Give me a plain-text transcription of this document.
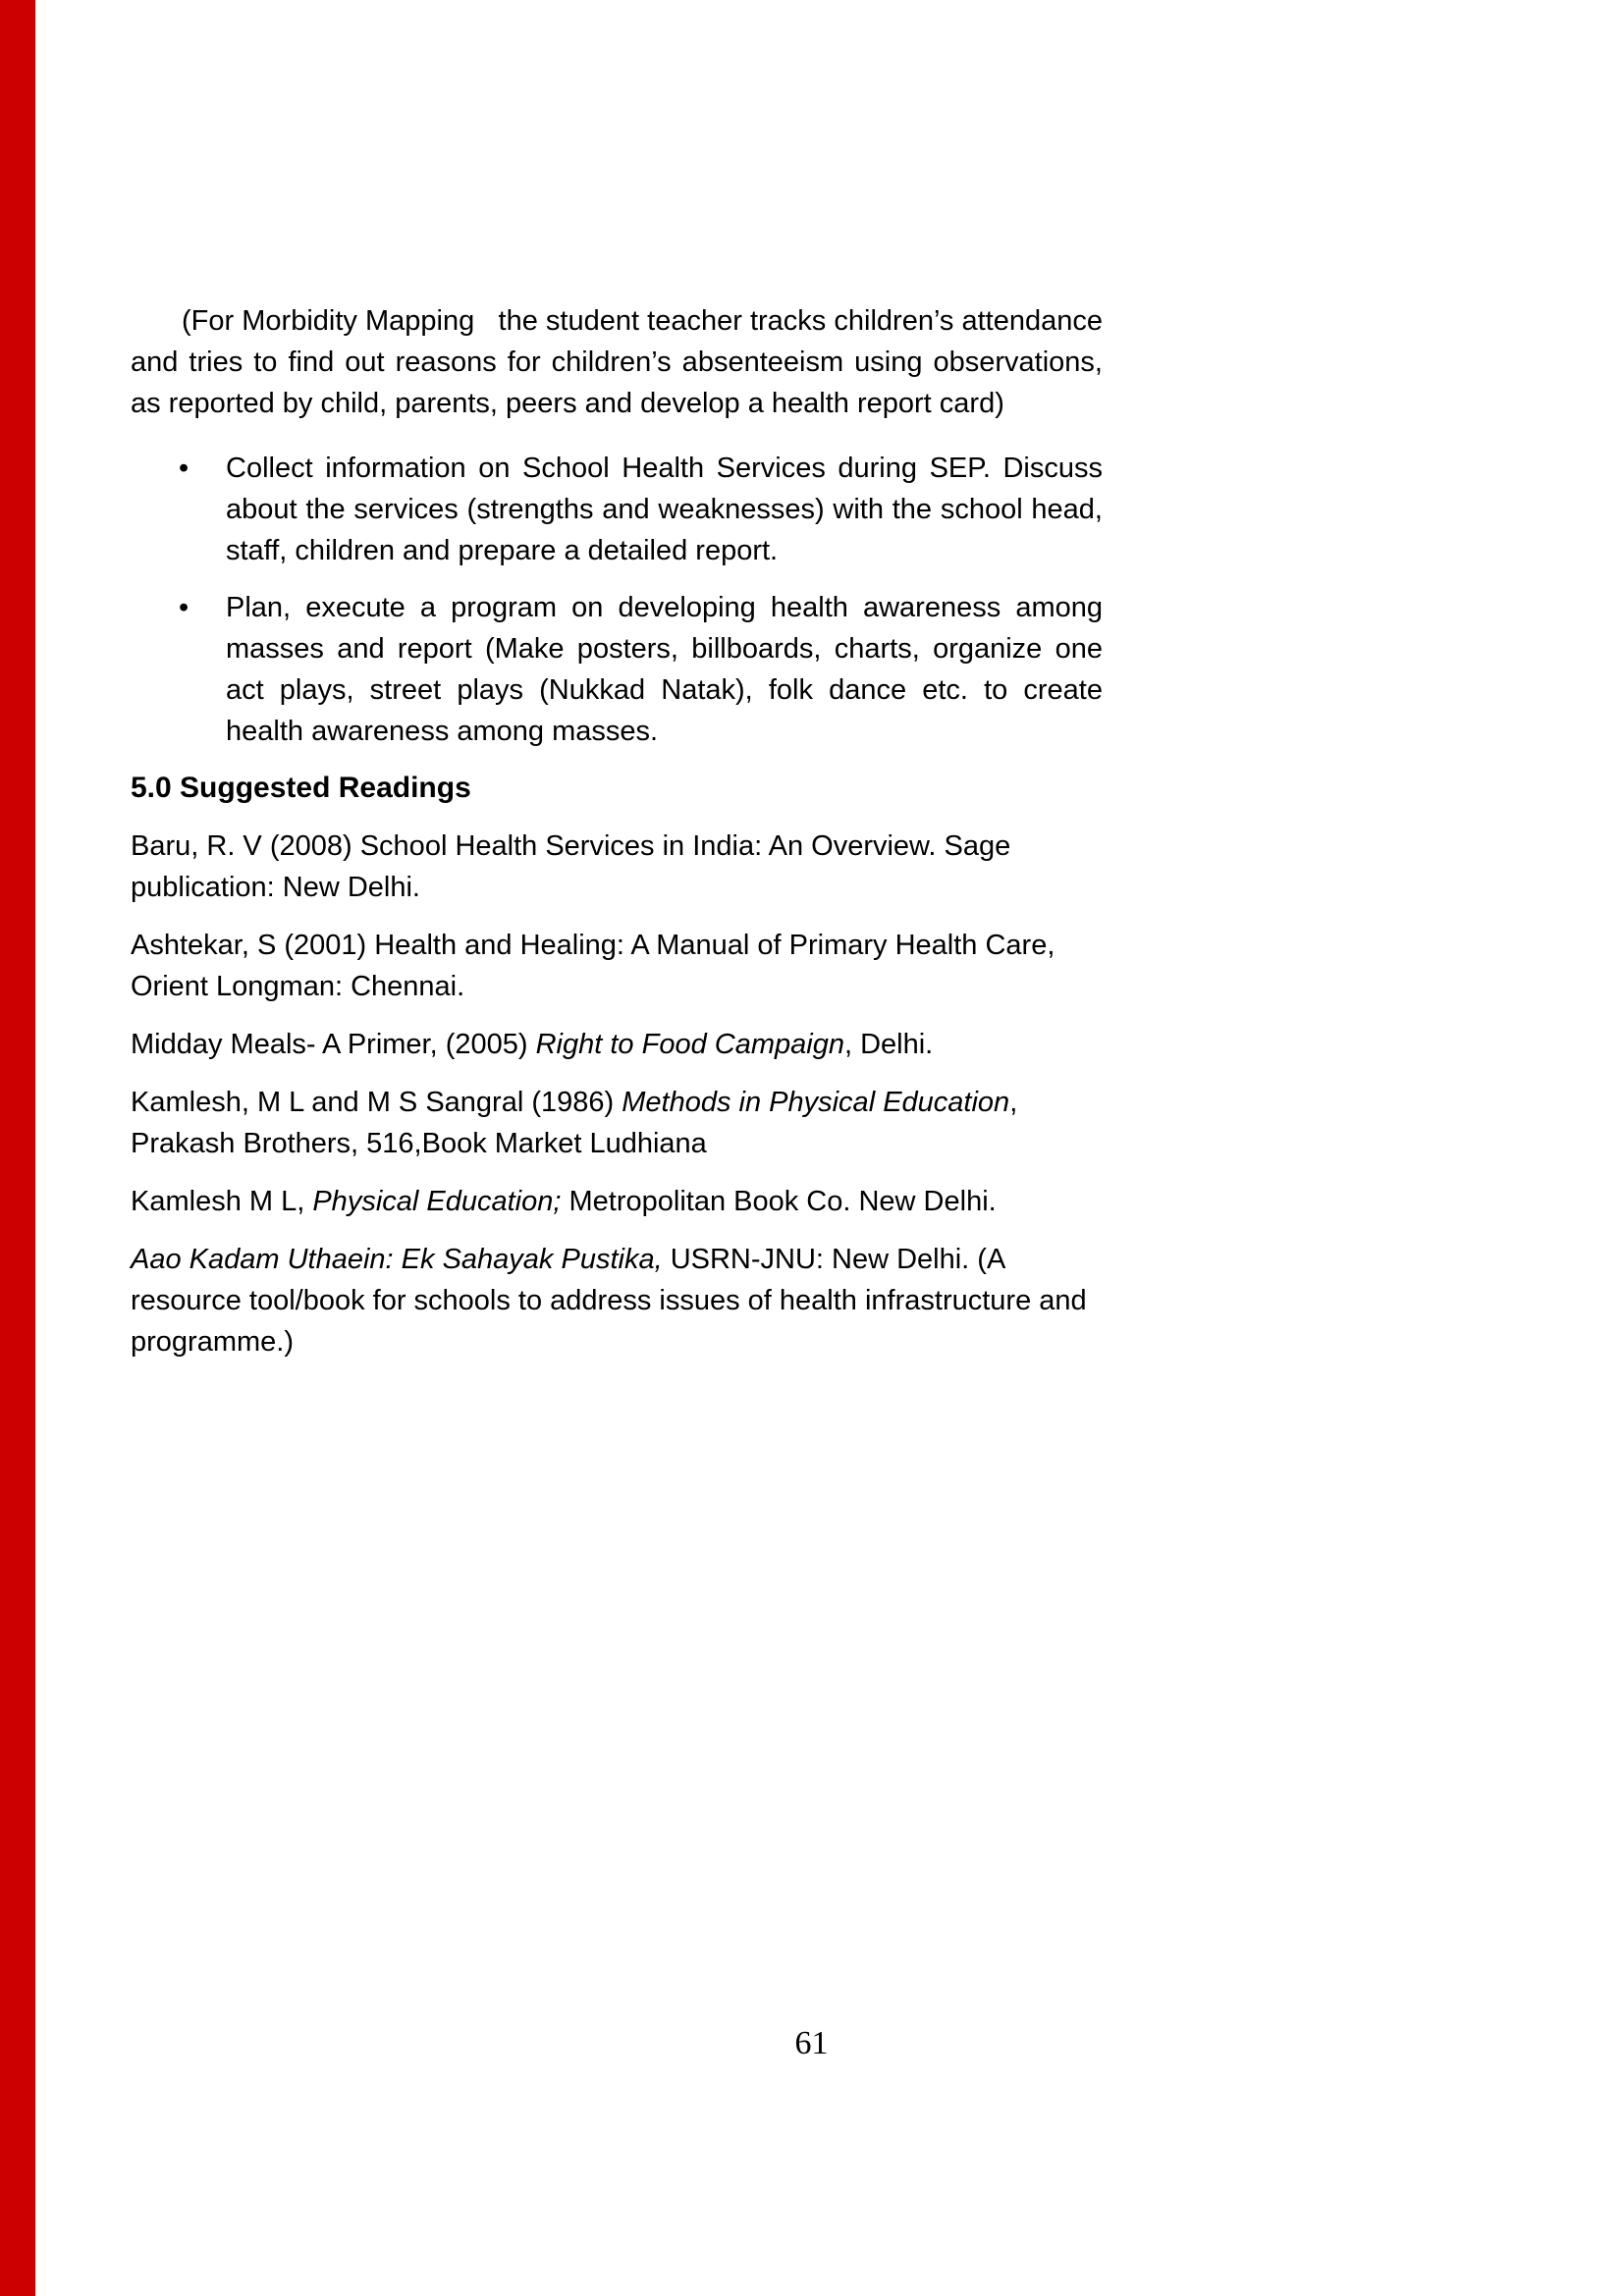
(For Morbidity Mapping   the student teacher tracks children’s attendance and tries to find out reasons for children’s absenteeism using observations, as reported by child, parents, peers and develop a health report card)

•	Collect information on School Health Services during SEP. Discuss about the services (strengths and weaknesses) with the school head, staff, children and prepare a detailed report.

•	Plan, execute a program on developing health awareness among masses and report (Make posters, billboards, charts, organize one act plays, street plays (Nukkad Natak), folk dance etc. to create health awareness among masses.

5.0 Suggested Readings

Baru, R. V (2008) School Health Services in India: An Overview. Sage publication: New Delhi.

Ashtekar, S (2001) Health and Healing: A Manual of Primary Health Care, Orient Longman: Chennai.

Midday Meals- A Primer, (2005) Right to Food Campaign, Delhi.

Kamlesh, M L and M S Sangral (1986) Methods in Physical Education, Prakash Brothers, 516,Book Market Ludhiana

Kamlesh M L, Physical Education; Metropolitan Book Co. New Delhi.

Aao Kadam Uthaein: Ek Sahayak Pustika, USRN-JNU: New Delhi. (A resource tool/book for schools to address issues of health infrastructure and programme.)

61
